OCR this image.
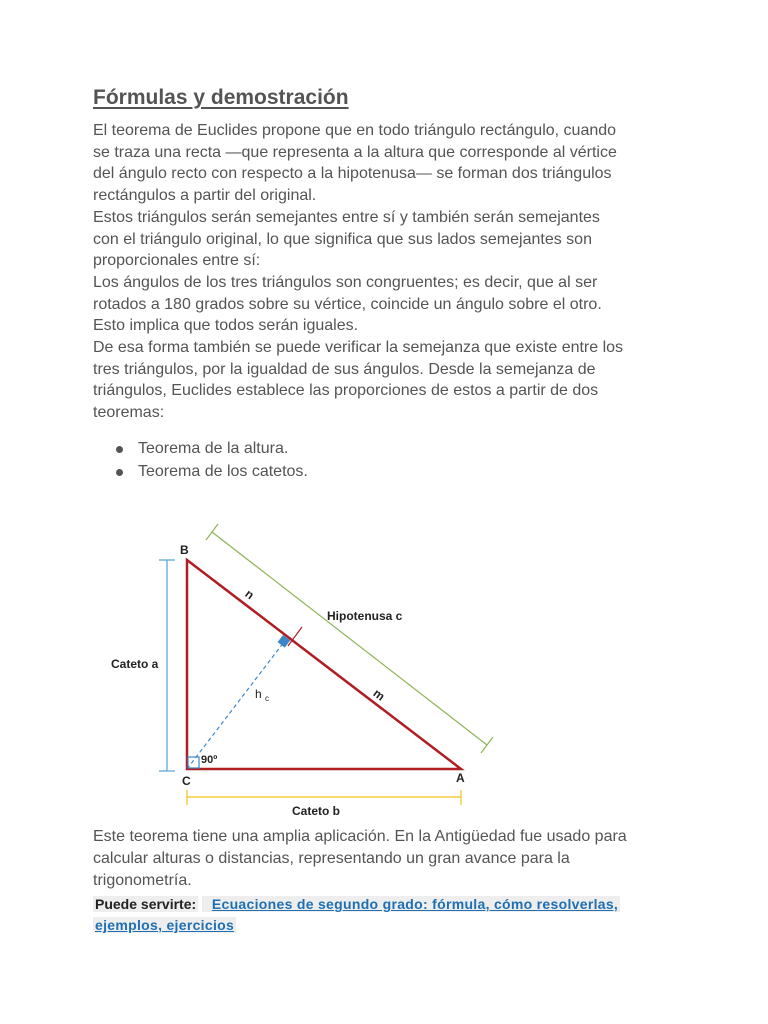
Fórmulas y demostración

El teorema de Euclides propone que en todo triángulo rectángulo, cuando

se traza una recta —que representa a la altura que corresponde al vértice

del ángulo recto con respecto a la hipotenusa— se forman dos triángulos

rectángulos a partir del original.

Estos triángulos serán semejantes entre sí y también serán semejantes

con el triángulo original, lo que significa que sus lados semejantes son

proporcionales entre sí:

Los ángulos de los tres triángulos son congruentes; es decir, que al ser

rotados a 180 grados sobre su vértice, coincide un ángulo sobre el otro.

Esto implica que todos serán iguales.

De esa forma también se puede verificar la semejanza que existe entre los

tres triángulos, por la igualdad de sus ángulos. Desde la semejanza de

triángulos, Euclides establece las proporciones de estos a partir de dos

teoremas:

Teorema de la altura.
Teorema de los catetos.
B
C	A
n
m
Hipotenusa c
Cateto a
Cateto b
h $_c$
90º

Este teorema tiene una amplia aplicación. En la Antigüedad fue usado para

calcular alturas o distancias, representando un gran avance para la

trigonometría.

Puede servirte: Ecuaciones de segundo grado: fórmula, cómo resolverlas,
ejemplos, ejercicios
